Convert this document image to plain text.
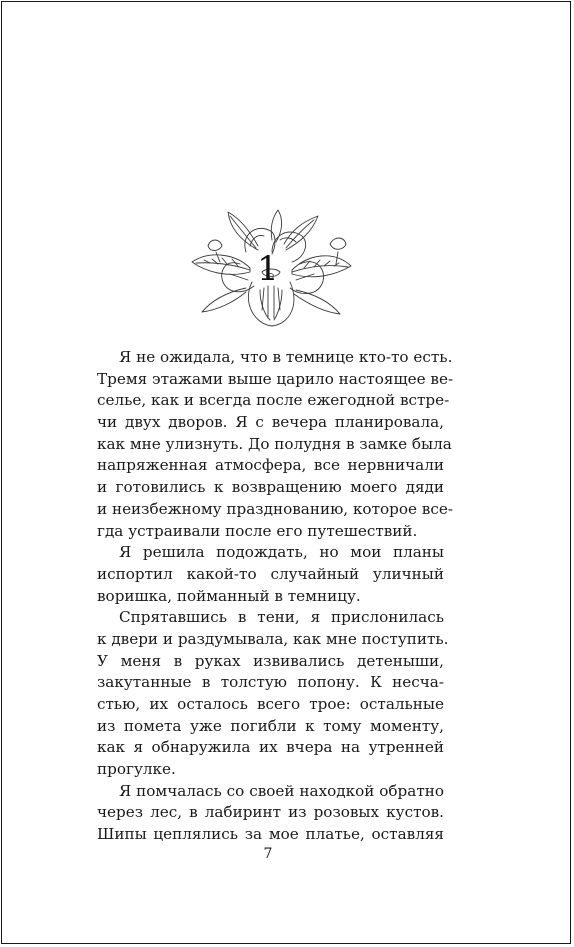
1
Я не ожидала, что в темнице кто-то есть.
Тремя этажами выше царило настоящее ве-
селье, как и всегда после ежегодной встре-
чи двух дворов. Я с вечера планировала,
как мне улизнуть. До полудня в замке была
напряженная атмосфера, все нервничали
и готовились к возвращению моего дяди
и неизбежному празднованию, которое все-
гда устраивали после его путешествий.
Я решила подождать, но мои планы
испортил какой-то случайный уличный
воришка, пойманный в темницу.
Спрятавшись в тени, я прислонилась
к двери и раздумывала, как мне поступить.
У меня в руках извивались детеныши,
закутанные в толстую попону. К несча-
стью, их осталось всего трое: остальные
из помета уже погибли к тому моменту,
как я обнаружила их вчера на утренней
прогулке.
Я помчалась со своей находкой обратно
через лес, в лабиринт из розовых кустов.
Шипы цеплялись за мое платье, оставляя
7
